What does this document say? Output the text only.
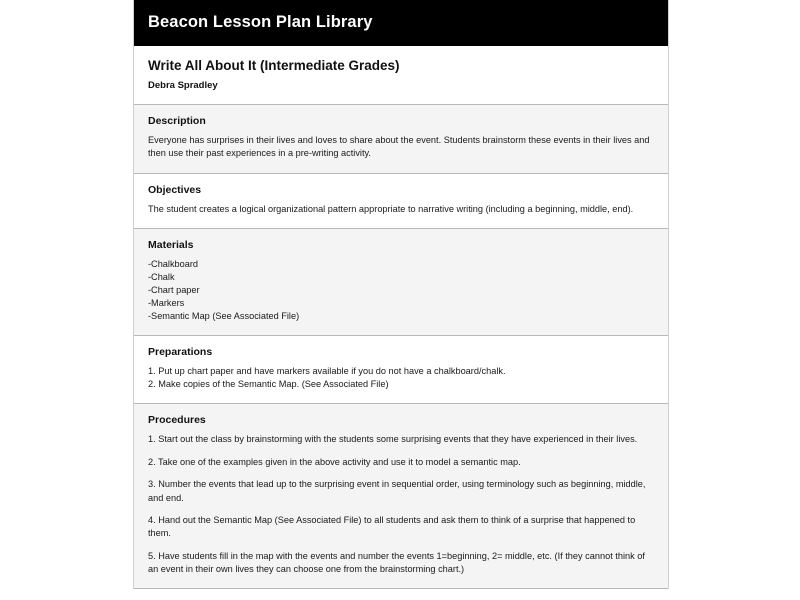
Beacon Lesson Plan Library
Write All About It (Intermediate Grades)
Debra Spradley
Description

Everyone has surprises in their lives and loves to share about the event. Students brainstorm these events in their lives and then use their past experiences in a pre-writing activity.

Objectives

The student creates a logical organizational pattern appropriate to narrative writing (including a beginning, middle, end).

Materials
-Chalkboard
-Chalk
-Chart paper
-Markers
-Semantic Map (See Associated File)
Preparations
1. Put up chart paper and have markers available if you do not have a chalkboard/chalk.
2. Make copies of the Semantic Map. (See Associated File)
Procedures

1. Start out the class by brainstorming with the students some surprising events that they have experienced in their lives.

2. Take one of the examples given in the above activity and use it to model a semantic map.

3. Number the events that lead up to the surprising event in sequential order, using terminology such as beginning, middle, and end.

4. Hand out the Semantic Map (See Associated File) to all students and ask them to think of a surprise that happened to them.

5. Have students fill in the map with the events and number the events 1=beginning, 2= middle, etc. (If they cannot think of an event in their own lives they can choose one from the brainstorming chart.)
